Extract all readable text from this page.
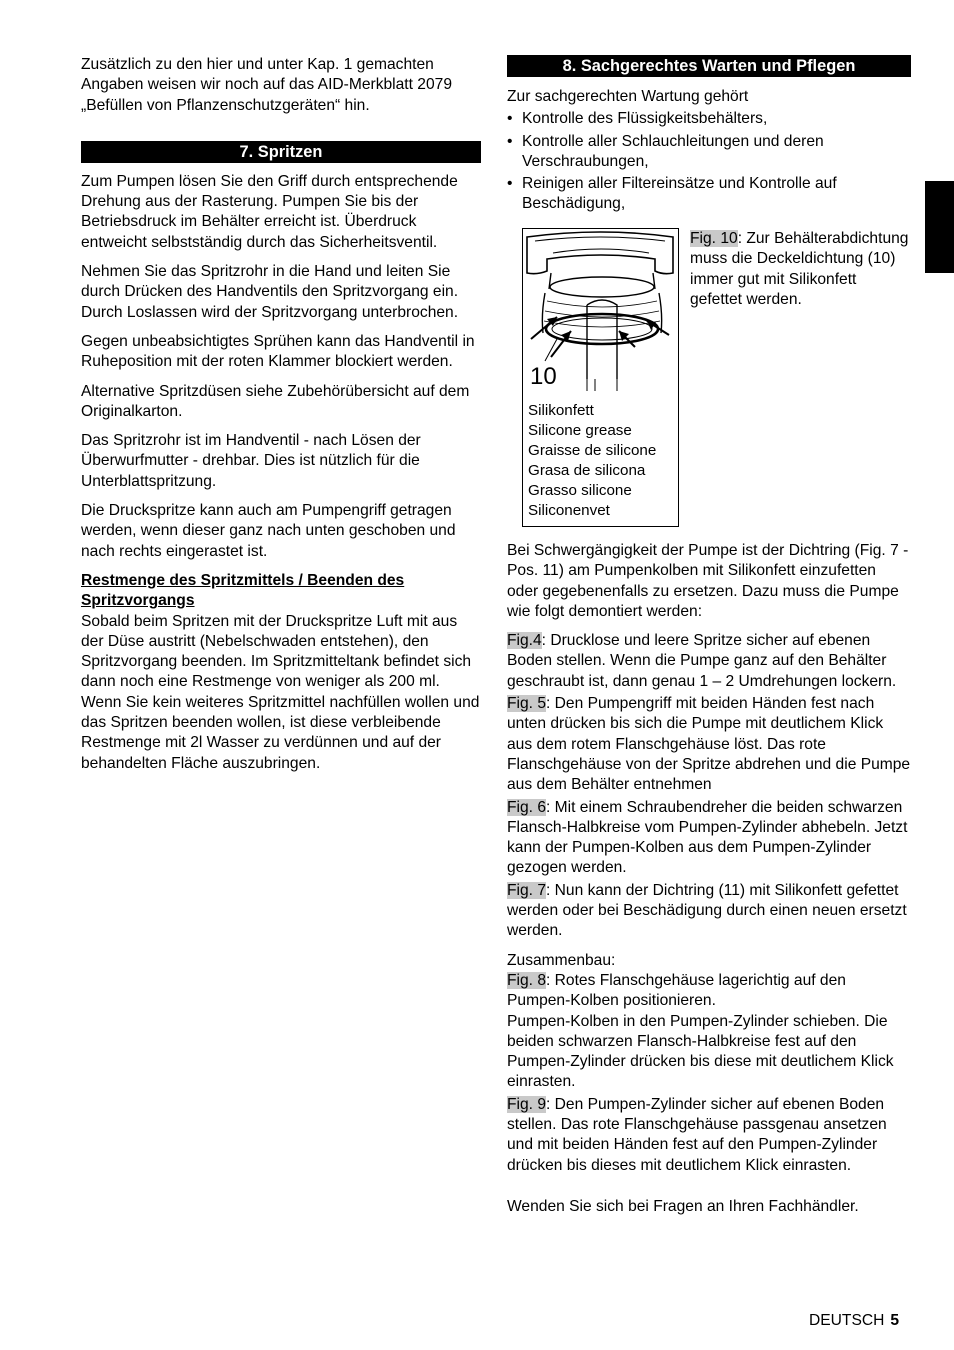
Zusätzlich zu den hier und unter Kap. 1 gemachten Angaben weisen wir noch auf das AID-Merkblatt 2079 „Befüllen von Pflanzenschutzgeräten“ hin.

7. Spritzen

Zum Pumpen lösen Sie den Griff durch entsprechende Drehung aus der Rasterung. Pumpen Sie bis der Betriebsdruck im Behälter erreicht ist. Überdruck entweicht selbstständig durch das Sicherheitsventil.

Nehmen Sie das Spritzrohr in die Hand und leiten Sie durch Drücken des Handventils den Spritzvorgang ein. Durch Loslassen wird der Spritzvorgang unterbrochen.

Gegen unbeabsichtigtes Sprühen kann das Handventil in Ruheposition mit der roten Klammer blockiert werden.

Alternative Spritzdüsen siehe Zubehörübersicht auf dem Originalkarton.

Das Spritzrohr ist im Handventil - nach Lösen der Überwurfmutter - drehbar. Dies ist nützlich für die Unterblattspritzung.

Die Druckspritze kann auch am Pumpengriff getragen werden, wenn dieser ganz nach unten geschoben und nach rechts eingerastet ist.

Restmenge des Spritzmittels / Beenden des Spritzvorgangs

Sobald beim Spritzen mit der Druckspritze Luft mit aus der Düse austritt (Nebelschwaden entstehen), den Spritzvorgang beenden. Im Spritzmitteltank befindet sich dann noch eine Restmenge von weniger als 200 ml. Wenn Sie kein weiteres Spritzmittel nachfüllen wollen und das Spritzen beenden wollen, ist diese verbleibende Restmenge mit 2l Wasser zu verdünnen und auf der behandelten Fläche auszubringen.

8. Sachgerechtes Warten und Pflegen

Zur sachgerechten Wartung gehört

• Kontrolle des Flüssigkeitsbehälters,
• Kontrolle aller Schlauchleitungen und deren Verschraubungen,
• Reinigen aller Filtereinsätze und Kontrolle auf Beschädigung,
10
Silikonfett
Silicone grease
Graisse de silicone
Grasa de silicona
Grasso silicone
Siliconenvet
Fig. 10: Zur Behälterabdichtung muss die Deckeldichtung (10) immer gut mit Silikonfett gefettet werden.

Bei Schwergängigkeit der Pumpe ist der Dichtring (Fig. 7 - Pos. 11) am Pumpenkolben mit Silikonfett einzufetten oder gegebenenfalls zu ersetzen. Dazu muss die Pumpe wie folgt demontiert werden:

Fig.4: Drucklose und leere Spritze sicher auf ebenen Boden stellen. Wenn die Pumpe ganz auf den Behälter geschraubt ist, dann genau 1 – 2 Umdrehungen lockern.

Fig. 5: Den Pumpengriff mit beiden Händen fest nach unten drücken bis sich die Pumpe mit deutlichem Klick aus dem rotem Flanschgehäuse löst. Das rote Flanschgehäuse von der Spritze abdrehen und die Pumpe aus dem Behälter entnehmen

Fig. 6: Mit einem Schraubendreher die beiden schwarzen Flansch-Halbkreise vom Pumpen-Zylinder abhebeln. Jetzt kann der Pumpen-Kolben aus dem Pumpen-Zylinder gezogen werden.

Fig. 7: Nun kann der Dichtring (11) mit Silikonfett gefettet werden oder bei Beschädigung durch einen neuen ersetzt werden.

Zusammenbau:

Fig. 8: Rotes Flanschgehäuse lagerichtig auf den Pumpen-Kolben positionieren.

Pumpen-Kolben in den Pumpen-Zylinder schieben. Die beiden schwarzen Flansch-Halbkreise fest auf den Pumpen-Zylinder drücken bis diese mit deutlichem Klick einrasten.

Fig. 9: Den Pumpen-Zylinder sicher auf ebenen Boden stellen. Das rote Flanschgehäuse passgenau ansetzen und mit beiden Händen fest auf den Pumpen-Zylinder drücken bis dieses mit deutlichem Klick einrasten.

Wenden Sie sich bei Fragen an Ihren Fachhändler.

DEUTSCH 5
